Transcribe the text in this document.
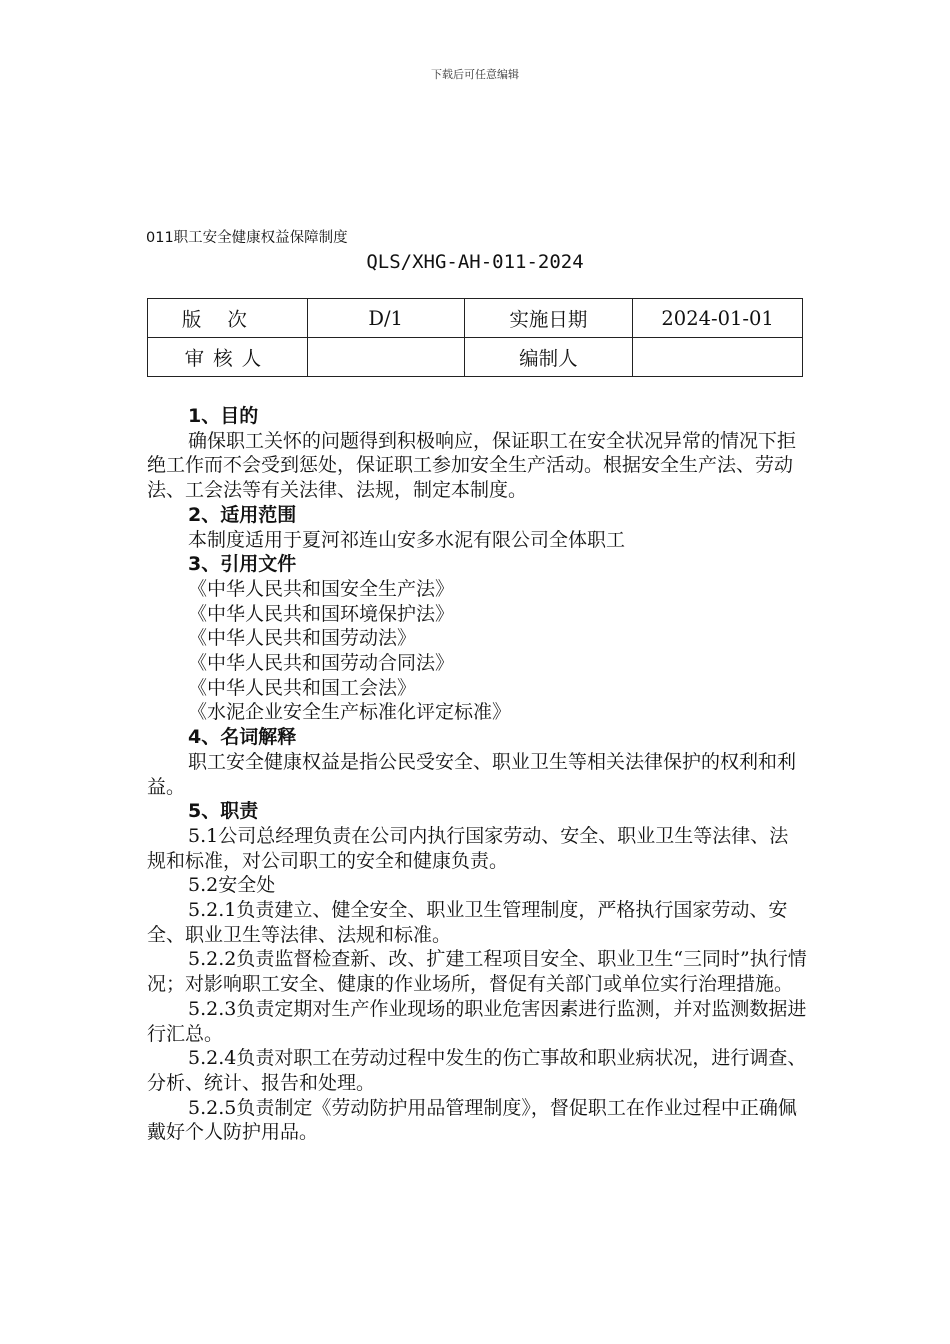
下载后可任意编辑
011职工安全健康权益保障制度
QLS/XHG-AH-011-2024
版次	D/1	实施日期	2024-01-01
审核人		编制人	

1、目的

确保职工关怀的问题得到积极响应，保证职工在安全状况异常的情况下拒绝工作而不会受到惩处，保证职工参加安全生产活动。根据安全生产法、劳动法、工会法等有关法律、法规，制定本制度。

2、适用范围

本制度适用于夏河祁连山安多水泥有限公司全体职工

3、引用文件

《中华人民共和国安全生产法》

《中华人民共和国环境保护法》

《中华人民共和国劳动法》

《中华人民共和国劳动合同法》

《中华人民共和国工会法》

《水泥企业安全生产标准化评定标准》

4、名词解释

职工安全健康权益是指公民受安全、职业卫生等相关法律保护的权利和利益。

5、职责

5.1公司总经理负责在公司内执行国家劳动、安全、职业卫生等法律、法规和标准，对公司职工的安全和健康负责。

5.2安全处

5.2.1负责建立、健全安全、职业卫生管理制度，严格执行国家劳动、安全、职业卫生等法律、法规和标准。

5.2.2负责监督检查新、改、扩建工程项目安全、职业卫生“三同时”执行情况；对影响职工安全、健康的作业场所，督促有关部门或单位实行治理措施。

5.2.3负责定期对生产作业现场的职业危害因素进行监测，并对监测数据进行汇总。

5.2.4负责对职工在劳动过程中发生的伤亡事故和职业病状况，进行调查、分析、统计、报告和处理。

5.2.5负责制定《劳动防护用品管理制度》，督促职工在作业过程中正确佩戴好个人防护用品。
